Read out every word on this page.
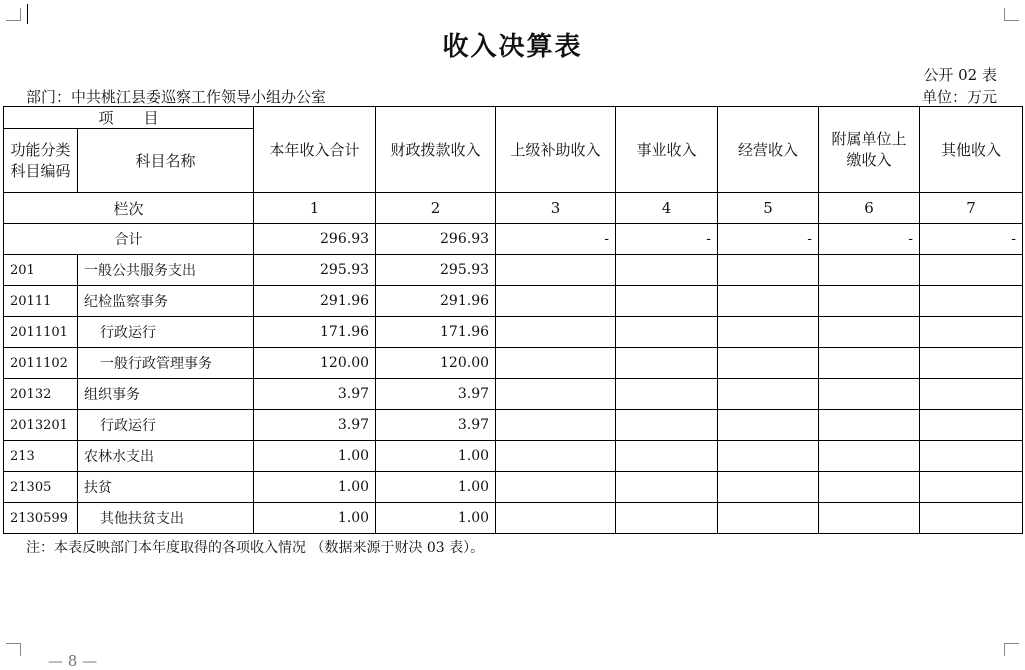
收入决算表
公开 02 表
部门：中共桃江县委巡察工作领导小组办公室	单位：万元
项　　目		本年收入合计	财政拨款收入	上级补助收入	事业收入	经营收入	附属单位上缴收入	其他收入
功能分类科目编码	科目名称							
栏次		1	2	3	4	5	6	7
合计		296.93	296.93	-	-	-	-	-
201	一般公共服务支出	295.93	295.93					
20111	纪检监察事务	291.96	291.96					
2011101	行政运行	171.96	171.96					
2011102	一般行政管理事务	120.00	120.00					
20132	组织事务	3.97	3.97					
2013201	行政运行	3.97	3.97					
213	农林水支出	1.00	1.00					
21305	扶贫	1.00	1.00					
2130599	其他扶贫支出	1.00	1.00					
注：本表反映部门本年度取得的各项收入情况 （数据来源于财决 03 表）。
— 8 —
